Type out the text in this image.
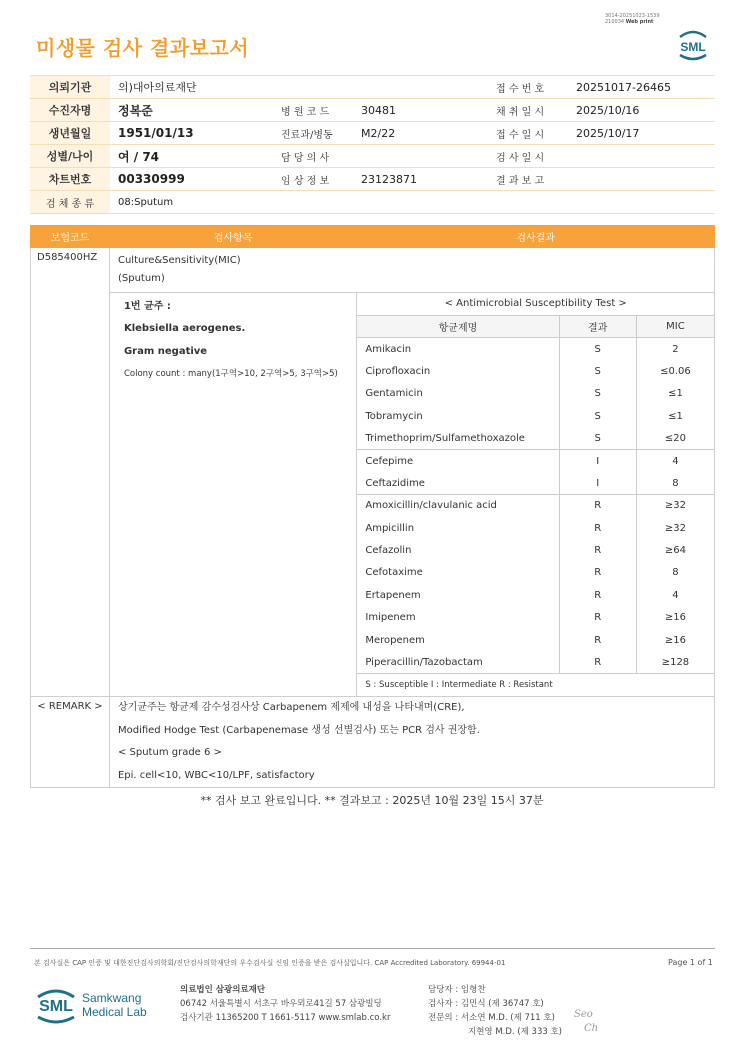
미생물 검사 결과보고서
3014-20251023-1539
210034 Web print
SML
의뢰기관	의)대아의료재단			접 수 번 호	20251017-26465
수진자명	정복준	병 원 코 드	30481	채 취 일 시	2025/10/16
생년월일	1951/01/13	진료과/병동	M2/22	접 수 일 시	2025/10/17
성별/나이	여 / 74	담 당 의 사		검 사 일 시	
차트번호	00330999	임 상 정 보	23123871	결 과 보 고	
검 체 종 류	08:Sputum				
보험코드	검사항목	검사결과
D585400HZ	Culture&Sensitivity(MIC)
(Sputum)

1번 균주 :
Klebsiella aerogenes.
Gram negative
Colony count : many(1구역>10, 2구역>5, 3구역>5)

< Antimicrobial Susceptibility Test >
항균제명	결과	MIC
Amikacin	S	2
Ciprofloxacin	S	≤0.06
Gentamicin	S	≤1
Tobramycin	S	≤1
Trimethoprim/Sulfamethoxazole	S	≤20
Cefepime	I	4
Ceftazidime	I	8
Amoxicillin/clavulanic acid	R	≥32
Ampicillin	R	≥32
Cefazolin	R	≥64
Cefotaxime	R	8
Ertapenem	R	4
Imipenem	R	≥16
Meropenem	R	≥16
Piperacillin/Tazobactam	R	≥128
S : Susceptible I : Intermediate R : Resistant

< REMARK >	상기균주는 항균제 감수성검사상 Carbapenem 제제에 내성을 나타내며(CRE),
Modified Hodge Test (Carbapenemase 생성 선별검사) 또는 PCR 검사 권장함.
< Sputum grade 6 >
Epi. cell<10, WBC<10/LPF, satisfactory
** 검사 보고 완료입니다. ** 결과보고 : 2025년 10월 23일 15시 37분
본 검사실은 CAP 인증 및 대한진단검사의학회/진단검사의학재단의 우수검사실 신임 인증을 받은 검사실입니다. CAP Accredited Laboratory. 69944-01	Page 1 of 1
SML Samkwang
Medical Lab
의료법인 삼광의료재단
06742 서울특별시 서초구 바우뫼로41길 57 삼광빌딩
검사기관 11365200 T 1661-5117 www.smlab.co.kr
담당자 : 임형찬
검사자 : 김민식 (제 36747 호)
전문의 : 서소연 M.D. (제 711 호)
지현영 M.D. (제 333 호)
Seo
Ch
